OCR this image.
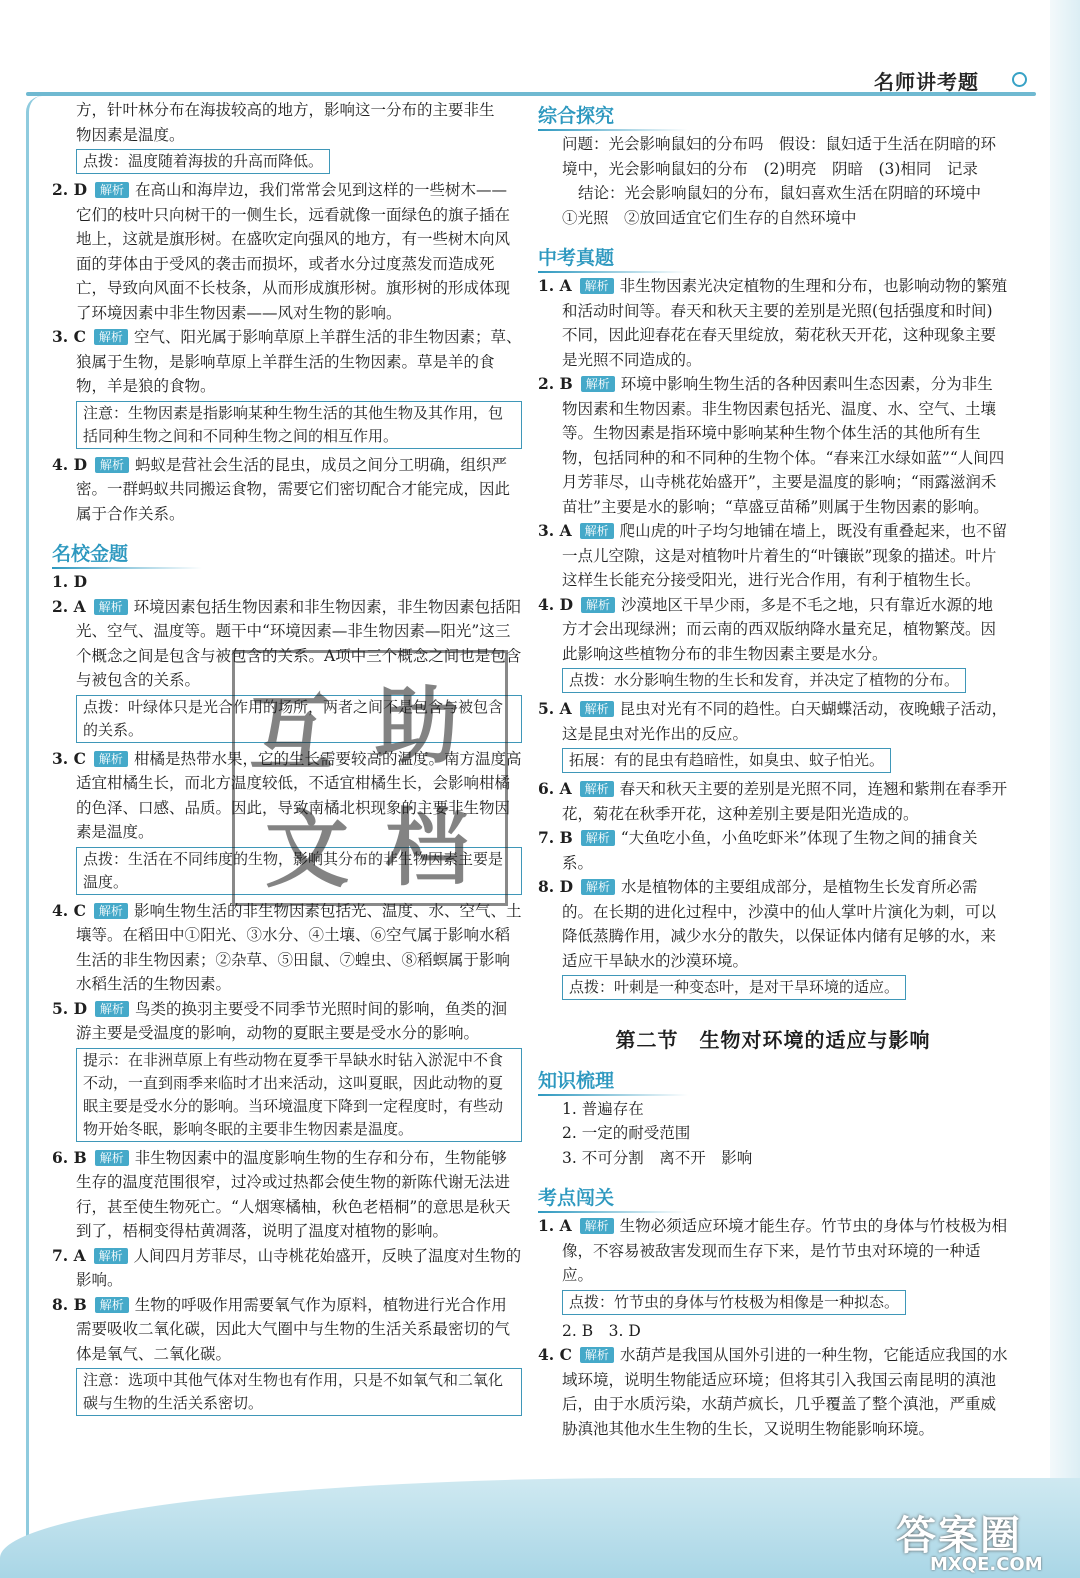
名师讲考题

方，针叶林分布在海拔较高的地方，影响这一分布的主要非生
物因素是温度。

点拨：温度随着海拔的升高而降低。

2. D 解析 在高山和海岸边，我们常常会见到这样的一些树木——它们的枝叶只向树干的一侧生长，远看就像一面绿色的旗子插在地上，这就是旗形树。在盛吹定向强风的地方，有一些树木向风面的芽体由于受风的袭击而损坏，或者水分过度蒸发而造成死亡，导致向风面不长枝条，从而形成旗形树。旗形树的形成体现了环境因素中非生物因素——风对生物的影响。

3. C 解析 空气、阳光属于影响草原上羊群生活的非生物因素；草、狼属于生物，是影响草原上羊群生活的生物因素。草是羊的食物，羊是狼的食物。

注意：生物因素是指影响某种生物生活的其他生物及其作用，包括同种生物之间和不同种生物之间的相互作用。

4. D 解析 蚂蚁是营社会生活的昆虫，成员之间分工明确，组织严密。一群蚂蚁共同搬运食物，需要它们密切配合才能完成，因此属于合作关系。

名校金题

1. D

2. A 解析 环境因素包括生物因素和非生物因素，非生物因素包括阳光、空气、温度等。题干中“环境因素—非生物因素—阳光”这三个概念之间是包含与被包含的关系。A项中三个概念之间也是包含与被包含的关系。

点拨：叶绿体只是光合作用的场所，两者之间不是包含与被包含的关系。

3. C 解析 柑橘是热带水果，它的生长需要较高的温度。南方温度高适宜柑橘生长，而北方温度较低，不适宜柑橘生长，会影响柑橘的色泽、口感、品质。因此，导致南橘北枳现象的主要非生物因素是温度。

点拨：生活在不同纬度的生物，影响其分布的非生物因素主要是温度。

4. C 解析 影响生物生活的非生物因素包括光、温度、水、空气、土壤等。在稻田中①阳光、③水分、④土壤、⑥空气属于影响水稻生活的非生物因素；②杂草、⑤田鼠、⑦蝗虫、⑧稻螟属于影响水稻生活的生物因素。

5. D 解析 鸟类的换羽主要受不同季节光照时间的影响，鱼类的洄游主要是受温度的影响，动物的夏眠主要是受水分的影响。

提示：在非洲草原上有些动物在夏季干旱缺水时钻入淤泥中不食不动，一直到雨季来临时才出来活动，这叫夏眠，因此动物的夏眠主要是受水分的影响。当环境温度下降到一定程度时，有些动物开始冬眠，影响冬眠的主要非生物因素是温度。

6. B 解析 非生物因素中的温度影响生物的生存和分布，生物能够生存的温度范围很窄，过冷或过热都会使生物的新陈代谢无法进行，甚至使生物死亡。“人烟寒橘柚，秋色老梧桐”的意思是秋天到了，梧桐变得枯黄凋落，说明了温度对植物的影响。

7. A 解析 人间四月芳菲尽，山寺桃花始盛开，反映了温度对生物的影响。

8. B 解析 生物的呼吸作用需要氧气作为原料，植物进行光合作用需要吸收二氧化碳，因此大气圈中与生物的生活关系最密切的气体是氧气、二氧化碳。

注意：选项中其他气体对生物也有作用，只是不如氧气和二氧化碳与生物的生活关系密切。
综合探究

问题：光会影响鼠妇的分布吗　假设：鼠妇适于生活在阴暗的环境中，光会影响鼠妇的分布　(2)明亮　阴暗　(3)相同　记录

结论：光会影响鼠妇的分布，鼠妇喜欢生活在阴暗的环境中

①光照　②放回适宜它们生存的自然环境中

中考真题

1. A 解析 非生物因素光决定植物的生理和分布，也影响动物的繁殖和活动时间等。春天和秋天主要的差别是光照(包括强度和时间)不同，因此迎春花在春天里绽放，菊花秋天开花，这种现象主要是光照不同造成的。

2. B 解析 环境中影响生物生活的各种因素叫生态因素，分为非生物因素和生物因素。非生物因素包括光、温度、水、空气、土壤等。生物因素是指环境中影响某种生物个体生活的其他所有生物，包括同种的和不同种的生物个体。“春来江水绿如蓝”“人间四月芳菲尽，山寺桃花始盛开”，主要是温度的影响；“雨露滋润禾苗壮”主要是水的影响；“草盛豆苗稀”则属于生物因素的影响。

3. A 解析 爬山虎的叶子均匀地铺在墙上，既没有重叠起来，也不留一点儿空隙，这是对植物叶片着生的“叶镶嵌”现象的描述。叶片这样生长能充分接受阳光，进行光合作用，有利于植物生长。

4. D 解析 沙漠地区干旱少雨，多是不毛之地，只有靠近水源的地方才会出现绿洲；而云南的西双版纳降水量充足，植物繁茂。因此影响这些植物分布的非生物因素主要是水分。

点拨：水分影响生物的生长和发育，并决定了植物的分布。

5. A 解析 昆虫对光有不同的趋性。白天蝴蝶活动，夜晚蛾子活动，这是昆虫对光作出的反应。

拓展：有的昆虫有趋暗性，如臭虫、蚊子怕光。

6. A 解析 春天和秋天主要的差别是光照不同，连翘和紫荆在春季开花，菊花在秋季开花，这种差别主要是阳光造成的。

7. B 解析 “大鱼吃小鱼，小鱼吃虾米”体现了生物之间的捕食关系。

8. D 解析 水是植物体的主要组成部分，是植物生长发育所必需的。在长期的进化过程中，沙漠中的仙人掌叶片演化为刺，可以降低蒸腾作用，减少水分的散失，以保证体内储有足够的水，来适应干旱缺水的沙漠环境。

点拨：叶刺是一种变态叶，是对干旱环境的适应。
第二节　生物对环境的适应与影响
知识梳理

1. 普遍存在

2. 一定的耐受范围

3. 不可分割　离不开　影响

考点闯关

1. A 解析 生物必须适应环境才能生存。竹节虫的身体与竹枝极为相像，不容易被敌害发现而生存下来，是竹节虫对环境的一种适应。

点拨：竹节虫的身体与竹枝极为相像是一种拟态。

2. B　3. D

4. C 解析 水葫芦是我国从国外引进的一种生物，它能适应我国的水域环境，说明生物能适应环境；但将其引入我国云南昆明的滇池后，由于水质污染，水葫芦疯长，几乎覆盖了整个滇池，严重威胁滇池其他水生生物的生长，又说明生物能影响环境。

互 助
文 档
答案圈
MXQE.COM
